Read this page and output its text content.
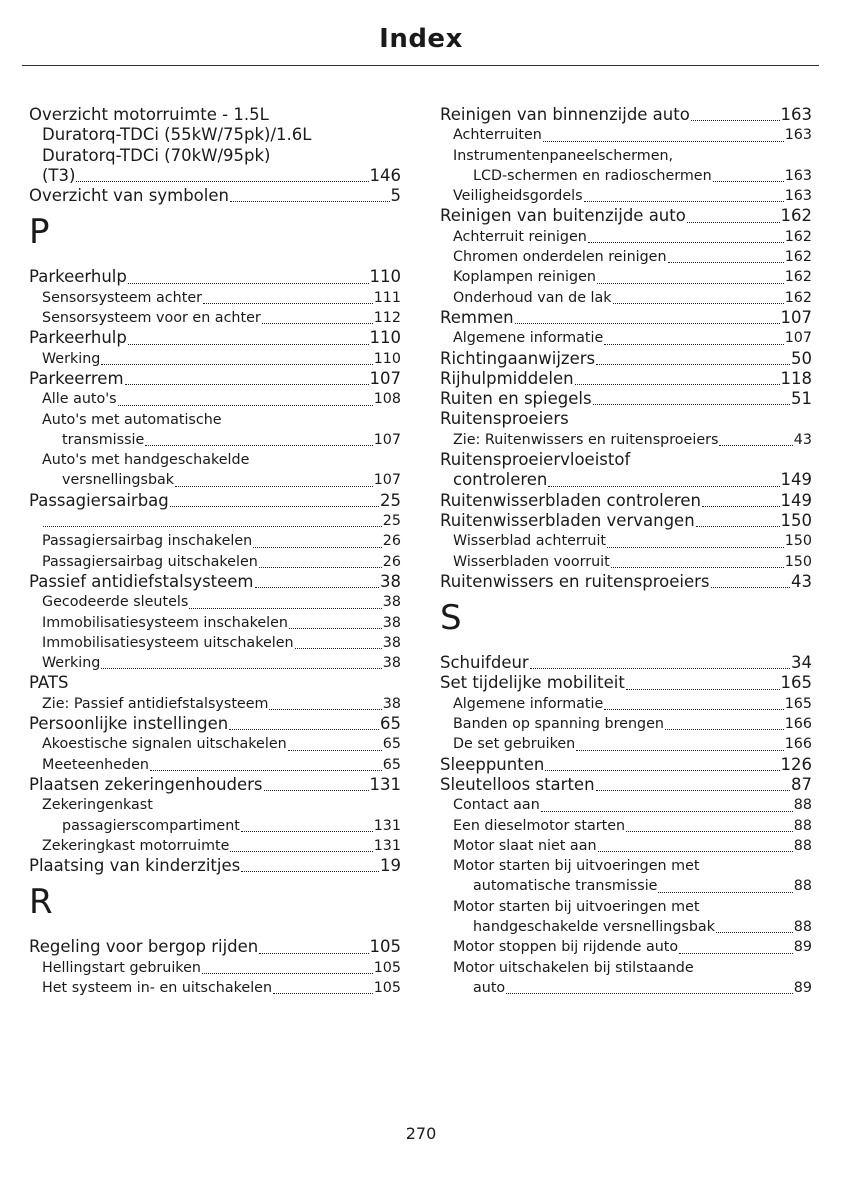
Index
Overzicht motorruimte - 1.5L
Duratorq-TDCi (55kW/75pk)/1.6L
Duratorq-TDCi (70kW/95pk)
(T3)	146
Overzicht van symbolen	5
P
Parkeerhulp	110
Sensorsysteem achter	111
Sensorsysteem voor en achter	112
Parkeerhulp	110
Werking	110
Parkeerrem	107
Alle auto's	108
Auto's met automatische
transmissie	107
Auto's met handgeschakelde
versnellingsbak	107
Passagiersairbag	25
25
Passagiersairbag inschakelen	26
Passagiersairbag uitschakelen	26
Passief antidiefstalsysteem	38
Gecodeerde sleutels	38
Immobilisatiesysteem inschakelen	38
Immobilisatiesysteem uitschakelen	38
Werking	38
PATS
Zie: Passief antidiefstalsysteem	38
Persoonlijke instellingen	65
Akoestische signalen uitschakelen	65
Meeteenheden	65
Plaatsen zekeringenhouders	131
Zekeringenkast
passagierscompartiment	131
Zekeringkast motorruimte	131
Plaatsing van kinderzitjes	19
R
Regeling voor bergop rijden	105
Hellingstart gebruiken	105
Het systeem in- en uitschakelen	105
Reinigen van binnenzijde auto	163
Achterruiten	163
Instrumentenpaneelschermen,
LCD-schermen en radioschermen	163
Veiligheidsgordels	163
Reinigen van buitenzijde auto	162
Achterruit reinigen	162
Chromen onderdelen reinigen	162
Koplampen reinigen	162
Onderhoud van de lak	162
Remmen	107
Algemene informatie	107
Richtingaanwijzers	50
Rijhulpmiddelen	118
Ruiten en spiegels	51
Ruitensproeiers
Zie: Ruitenwissers en ruitensproeiers	43
Ruitensproeiervloeistof
controleren	149
Ruitenwisserbladen controleren	149
Ruitenwisserbladen vervangen	150
Wisserblad achterruit	150
Wisserbladen voorruit	150
Ruitenwissers en ruitensproeiers	43
S
Schuifdeur	34
Set tijdelijke mobiliteit	165
Algemene informatie	165
Banden op spanning brengen	166
De set gebruiken	166
Sleeppunten	126
Sleutelloos starten	87
Contact aan	88
Een dieselmotor starten	88
Motor slaat niet aan	88
Motor starten bij uitvoeringen met
automatische transmissie	88
Motor starten bij uitvoeringen met
handgeschakelde versnellingsbak	88
Motor stoppen bij rijdende auto	89
Motor uitschakelen bij stilstaande
auto	89
270
